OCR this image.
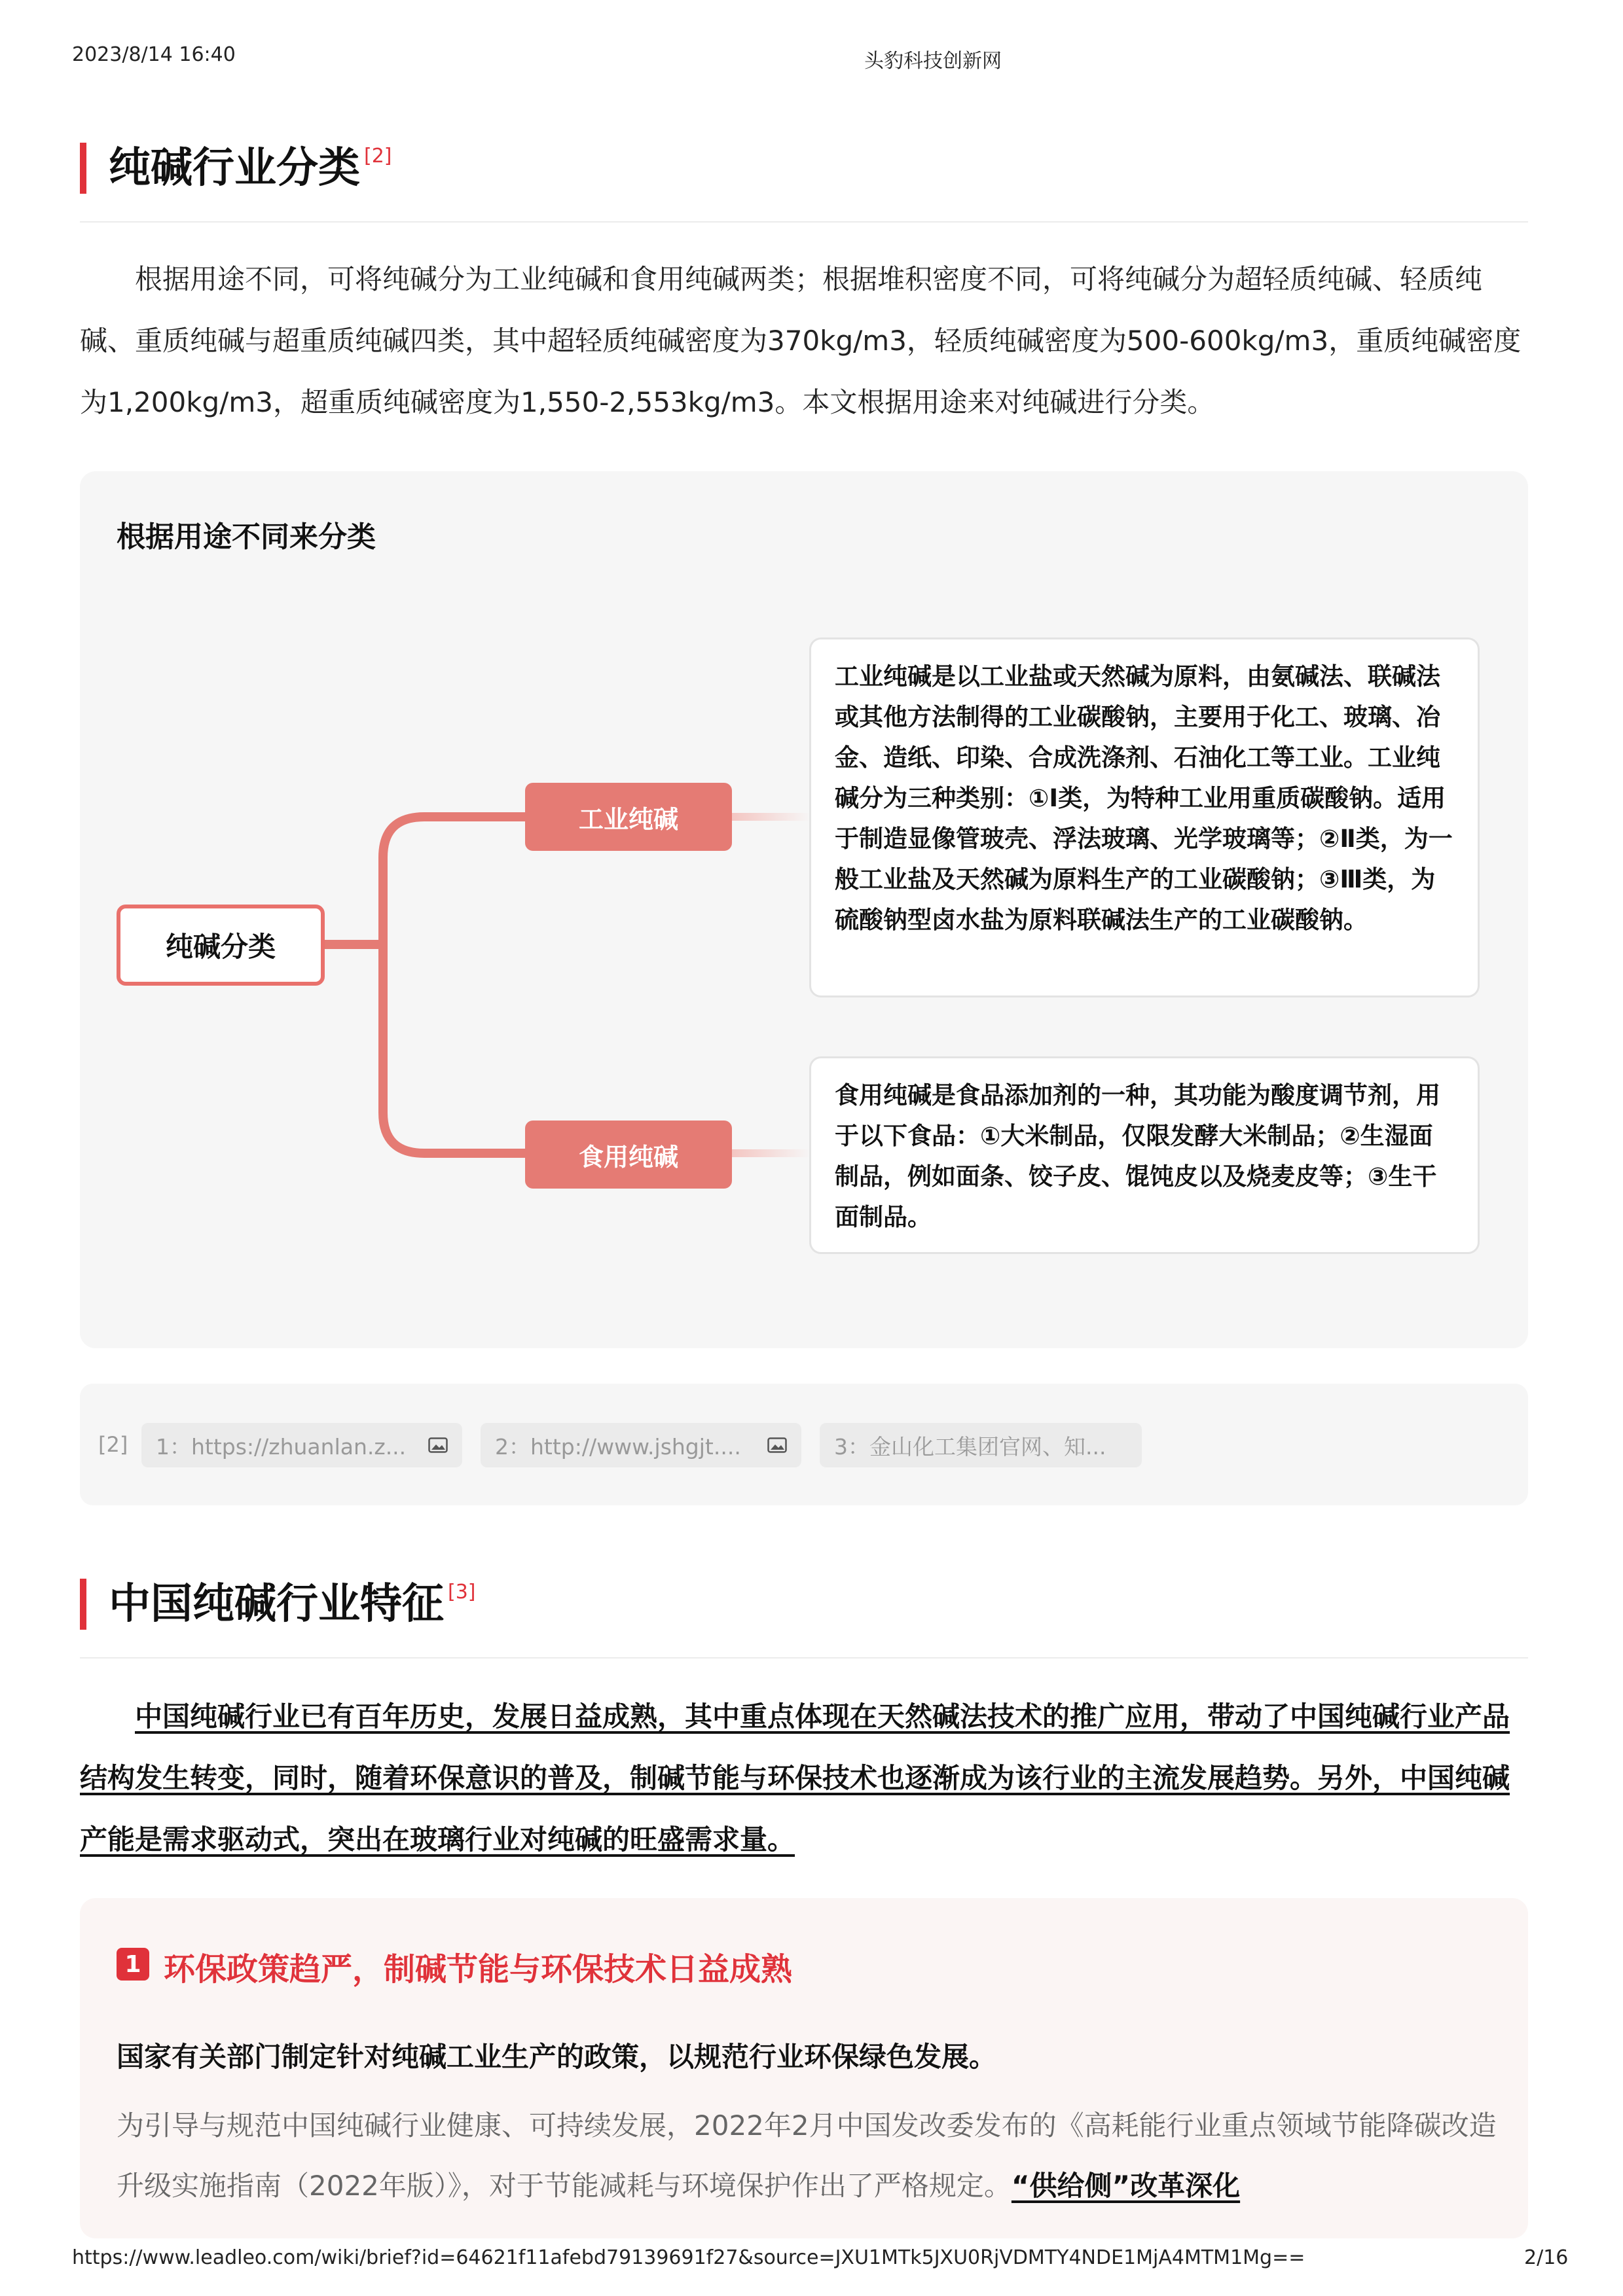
2023/8/14 16:40	头豹科技创新网
纯碱行业分类 [2]

根据用途不同，可将纯碱分为工业纯碱和食用纯碱两类；根据堆积密度不同，可将纯碱分为超轻质纯碱、轻质纯碱、重质纯碱与超重质纯碱四类，其中超轻质纯碱密度为370kg/m3，轻质纯碱密度为500-600kg/m3，重质纯碱密度为1,200kg/m3，超重质纯碱密度为1,550-2,553kg/m3。本文根据用途来对纯碱进行分类。

根据用途不同来分类
纯碱分类
工业纯碱
食用纯碱
工业纯碱是以工业盐或天然碱为原料，由氨碱法、联碱法或其他方法制得的工业碳酸钠，主要用于化工、玻璃、冶金、造纸、印染、合成洗涤剂、石油化工等工业。工业纯碱分为三种类别：①Ⅰ类，为特种工业用重质碳酸钠。适用于制造显像管玻壳、浮法玻璃、光学玻璃等；②Ⅱ类，为一般工业盐及天然碱为原料生产的工业碳酸钠；③Ⅲ类，为硫酸钠型卤水盐为原料联碱法生产的工业碳酸钠。
食用纯碱是食品添加剂的一种，其功能为酸度调节剂，用于以下食品：①大米制品，仅限发酵大米制品；②生湿面制品，例如面条、饺子皮、馄饨皮以及烧麦皮等；③生干面制品。
[2] 1：https://zhuanlan.z...	2：http://www.jshgjt....	3：金山化工集团官网、知...
中国纯碱行业特征 [3]

中国纯碱行业已有百年历史，发展日益成熟，其中重点体现在天然碱法技术的推广应用，带动了中国纯碱行业产品结构发生转变，同时，随着环保意识的普及，制碱节能与环保技术也逐渐成为该行业的主流发展趋势。另外，中国纯碱产能是需求驱动式，突出在玻璃行业对纯碱的旺盛需求量。

1 环保政策趋严，制碱节能与环保技术日益成熟
国家有关部门制定针对纯碱工业生产的政策，以规范行业环保绿色发展。

为引导与规范中国纯碱行业健康、可持续发展，2022年2月中国发改委发布的《高耗能行业重点领域节能降碳改造升级实施指南（2022年版）》，对于节能减耗与环境保护作出了严格规定。“供给侧”改革深化

https://www.leadleo.com/wiki/brief?id=64621f11afebd79139691f27&source=JXU1MTk5JXU0RjVDMTY4NDE1MjA4MTM1Mg==	2/16
